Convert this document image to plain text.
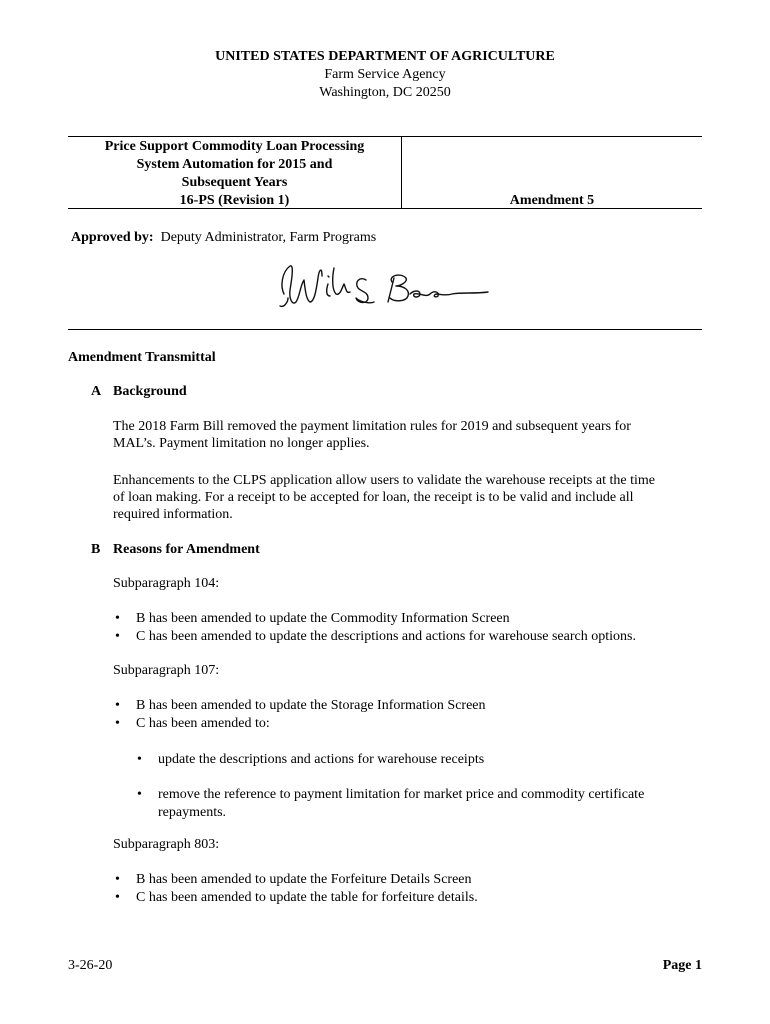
UNITED STATES DEPARTMENT OF AGRICULTURE
Farm Service Agency
Washington, DC 20250
Price Support Commodity Loan Processing
System Automation for 2015 and
Subsequent Years
16-PS (Revision 1)	Amendment 5
Approved by: Deputy Administrator, Farm Programs
Amendment Transmittal
A Background
The 2018 Farm Bill removed the payment limitation rules for 2019 and subsequent years for
MAL’s. Payment limitation no longer applies.
Enhancements to the CLPS application allow users to validate the warehouse receipts at the time
of loan making. For a receipt to be accepted for loan, the receipt is to be valid and include all
required information.
B Reasons for Amendment
Subparagraph 104:
• B has been amended to update the Commodity Information Screen
• C has been amended to update the descriptions and actions for warehouse search options.
Subparagraph 107:
• B has been amended to update the Storage Information Screen
• C has been amended to:
• update the descriptions and actions for warehouse receipts
• remove the reference to payment limitation for market price and commodity certificate repayments.
Subparagraph 803:
• B has been amended to update the Forfeiture Details Screen
• C has been amended to update the table for forfeiture details.
3-26-20	Page 1
